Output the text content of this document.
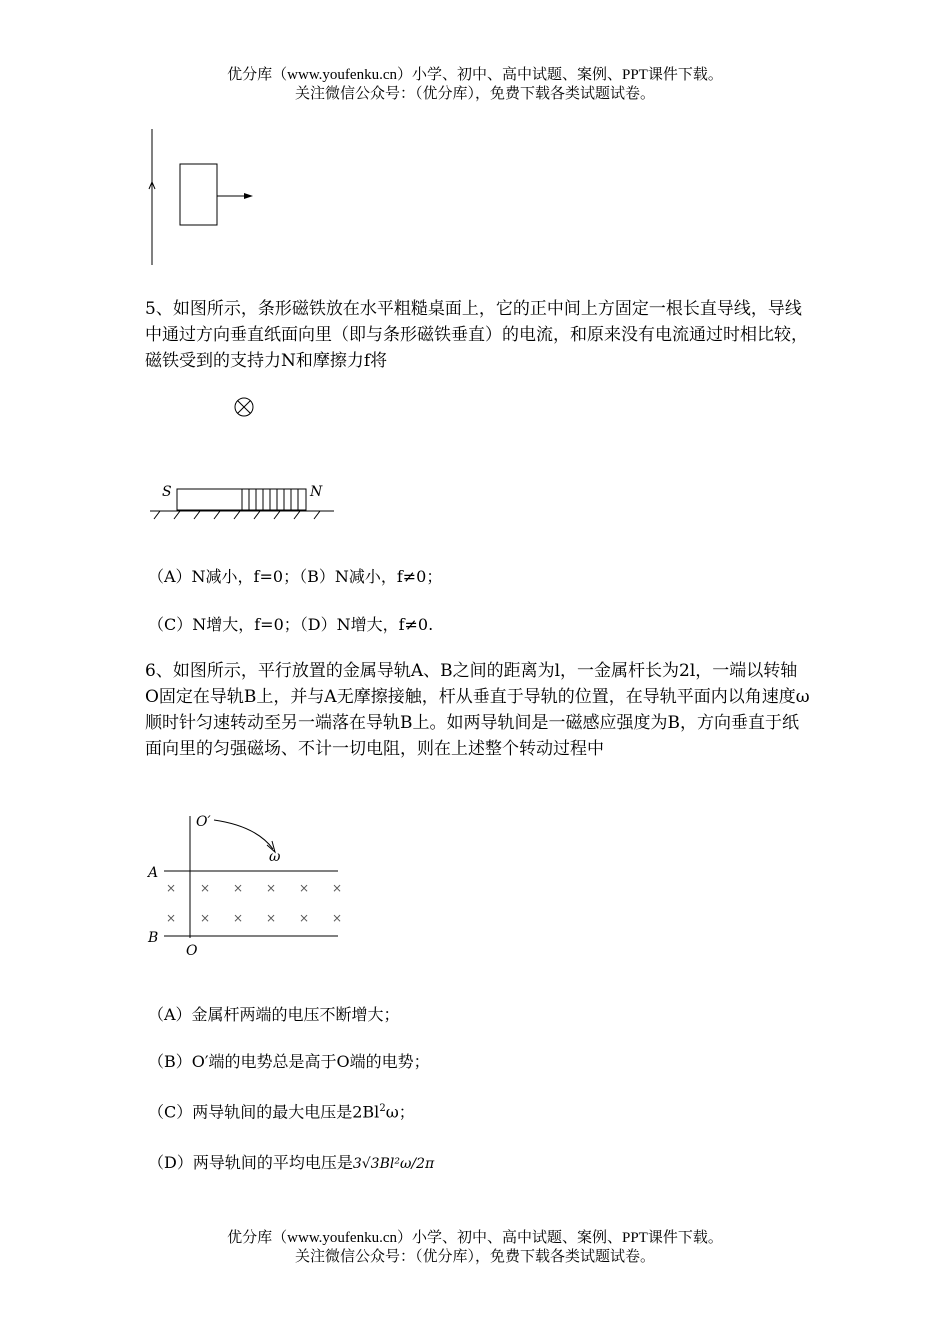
优分库（www.youfenku.cn）小学、初中、高中试题、案例、PPT课件下载。
关注微信公众号：（优分库），免费下载各类试题试卷。
5、如图所示，条形磁铁放在水平粗糙桌面上，它的正中间上方固定一根长直导线，导线中通过方向垂直纸面向里（即与条形磁铁垂直）的电流，和原来没有电流通过时相比较，磁铁受到的支持力N和摩擦力f将
S	N
（A）N减小，f=0；（B）N减小，f≠0；
（C）N增大，f=0；（D）N增大，f≠0.
6、如图所示，平行放置的金属导轨A、B之间的距离为l，一金属杆长为2l，一端以转轴O固定在导轨B上，并与A无摩擦接触，杆从垂直于导轨的位置，在导轨平面内以角速度ω顺时针匀速转动至另一端落在导轨B上。如两导轨间是一磁感应强度为B，方向垂直于纸面向里的匀强磁场、不计一切电阻，则在上述整个转动过程中
O′
ω
A
B
O
× × × × × ×
× × × × × ×
（A）金属杆两端的电压不断增大；
（B）O′端的电势总是高于O端的电势；
（C）两导轨间的最大电压是2Bl$^2$ω；
（D）两导轨间的平均电压是3√3Bl²ω/2π
优分库（www.youfenku.cn）小学、初中、高中试题、案例、PPT课件下载。
关注微信公众号：（优分库），免费下载各类试题试卷。
